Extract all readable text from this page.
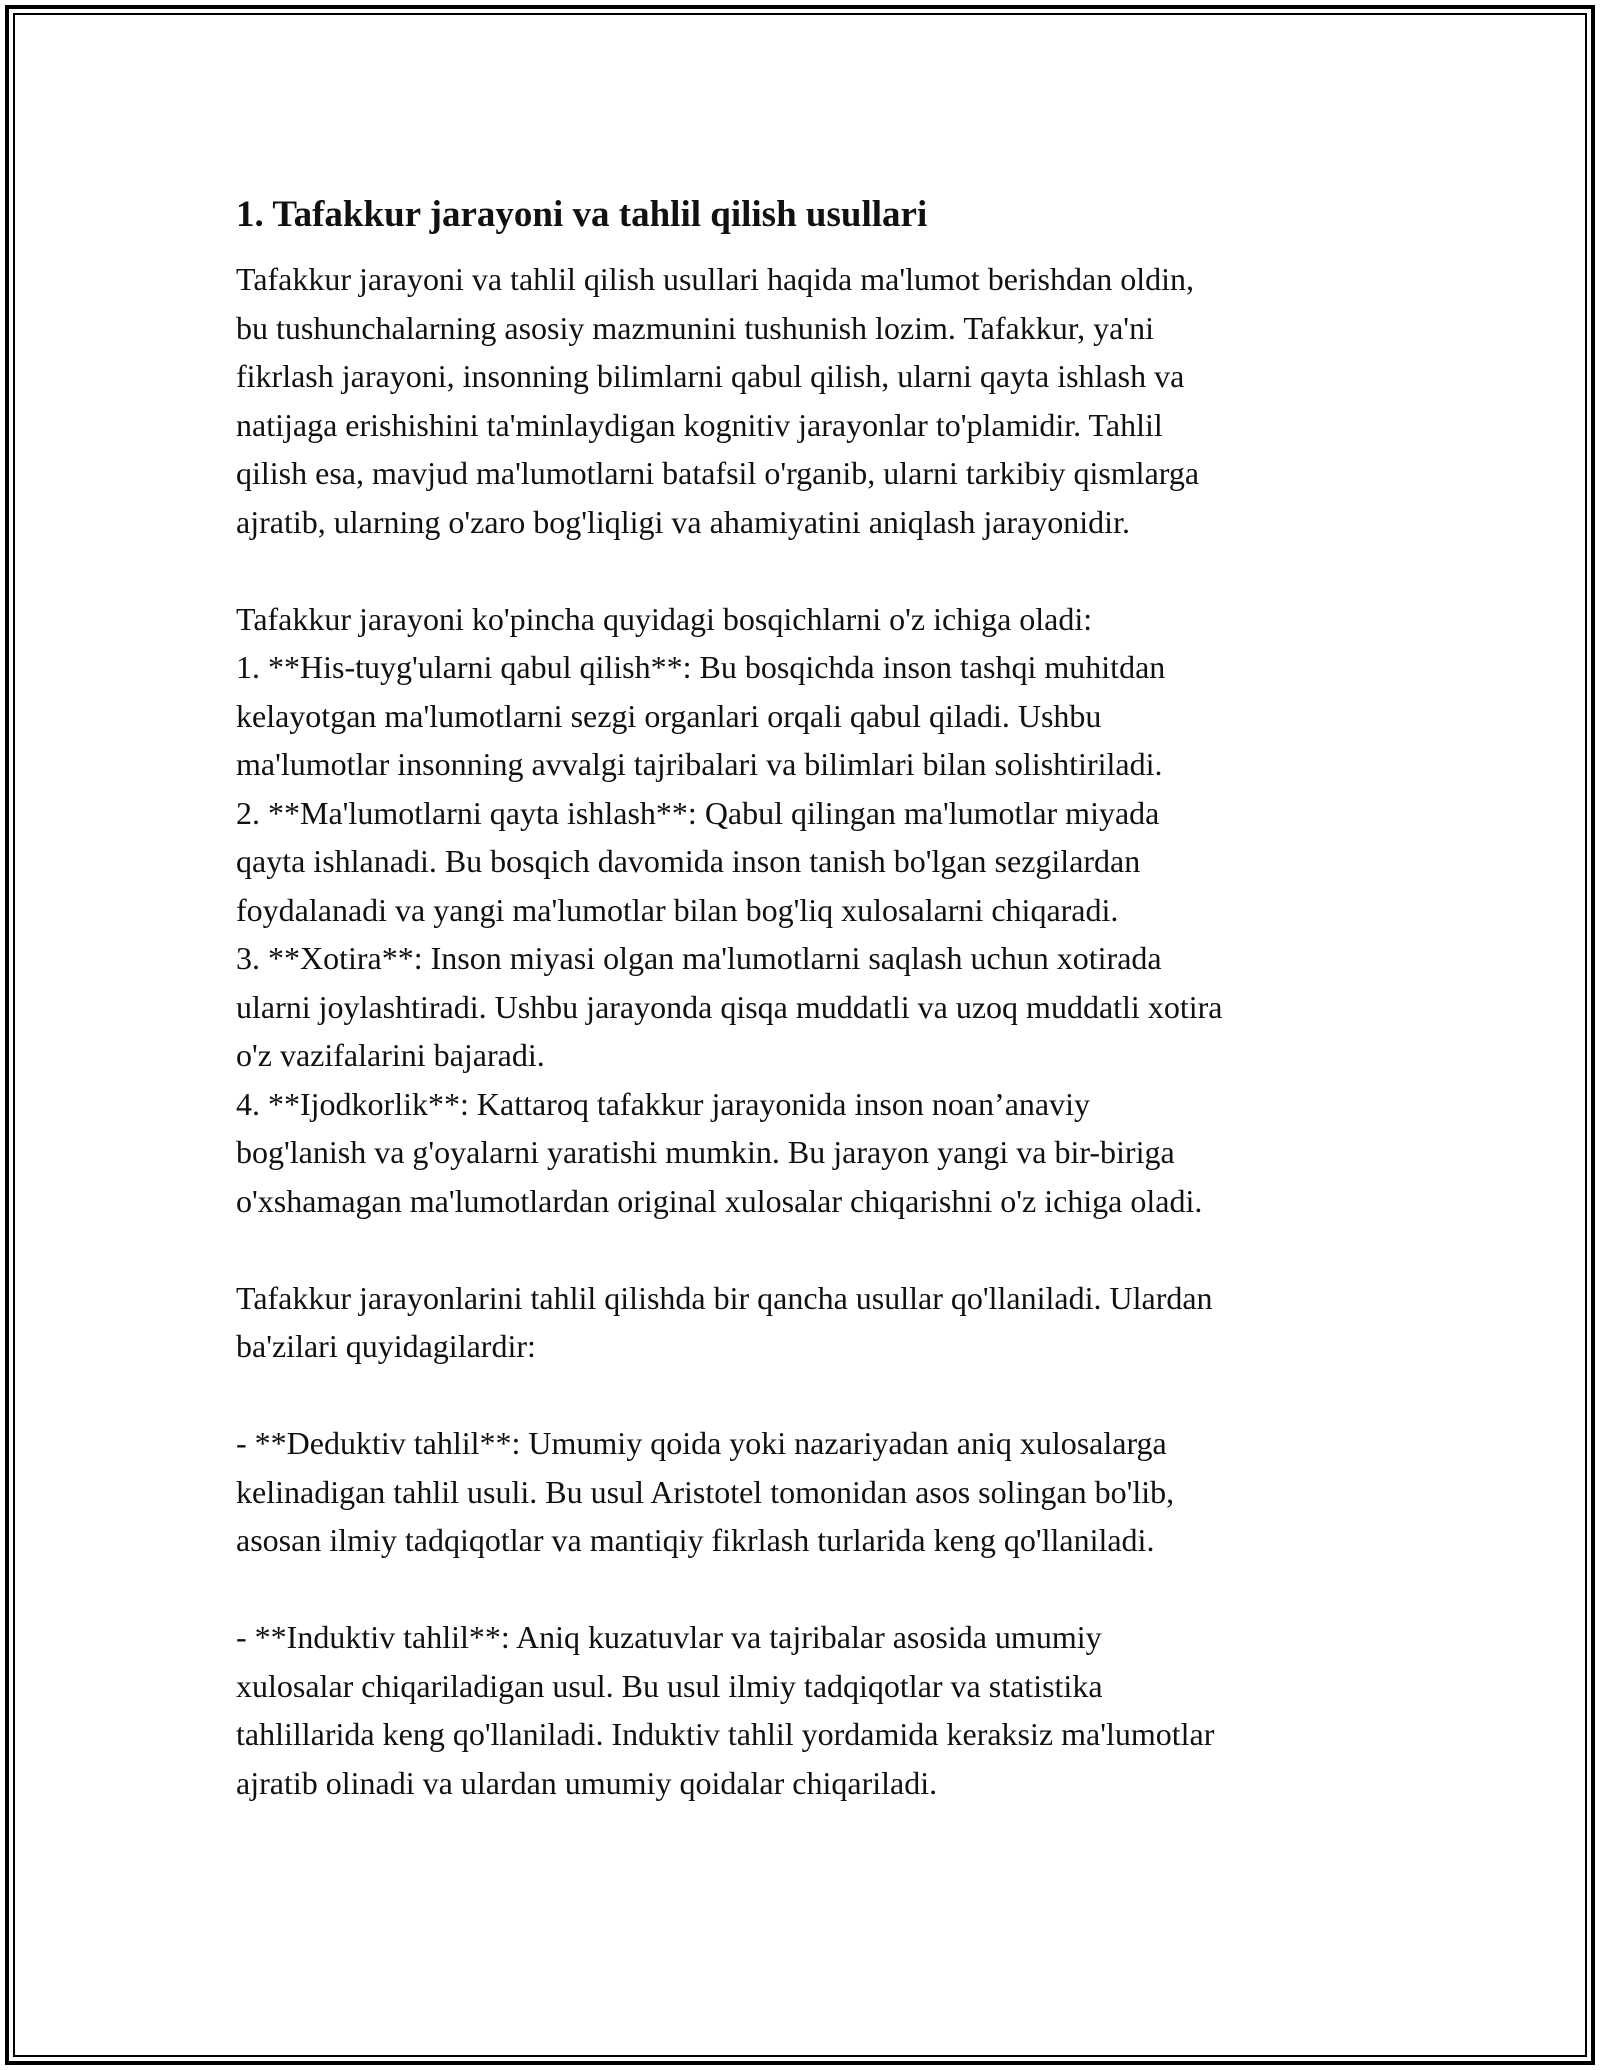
1. Tafakkur jarayoni va tahlil qilish usullari
Tafakkur jarayoni va tahlil qilish usullari haqida ma'lumot berishdan oldin,
bu tushunchalarning asosiy mazmunini tushunish lozim. Tafakkur, ya'ni
fikrlash jarayoni, insonning bilimlarni qabul qilish, ularni qayta ishlash va
natijaga erishishini ta'minlaydigan kognitiv jarayonlar to'plamidir. Tahlil
qilish esa, mavjud ma'lumotlarni batafsil o'rganib, ularni tarkibiy qismlarga
ajratib, ularning o'zaro bog'liqligi va ahamiyatini aniqlash jarayonidir.
Tafakkur jarayoni ko'pincha quyidagi bosqichlarni o'z ichiga oladi:
1. **His-tuyg'ularni qabul qilish**: Bu bosqichda inson tashqi muhitdan
kelayotgan ma'lumotlarni sezgi organlari orqali qabul qiladi. Ushbu
ma'lumotlar insonning avvalgi tajribalari va bilimlari bilan solishtiriladi.
2. **Ma'lumotlarni qayta ishlash**: Qabul qilingan ma'lumotlar miyada
qayta ishlanadi. Bu bosqich davomida inson tanish bo'lgan sezgilardan
foydalanadi va yangi ma'lumotlar bilan bog'liq xulosalarni chiqaradi.
3. **Xotira**: Inson miyasi olgan ma'lumotlarni saqlash uchun xotirada
ularni joylashtiradi. Ushbu jarayonda qisqa muddatli va uzoq muddatli xotira
o'z vazifalarini bajaradi.
4. **Ijodkorlik**: Kattaroq tafakkur jarayonida inson noan’anaviy
bog'lanish va g'oyalarni yaratishi mumkin. Bu jarayon yangi va bir-biriga
o'xshamagan ma'lumotlardan original xulosalar chiqarishni o'z ichiga oladi.
Tafakkur jarayonlarini tahlil qilishda bir qancha usullar qo'llaniladi. Ulardan
ba'zilari quyidagilardir:
- **Deduktiv tahlil**: Umumiy qoida yoki nazariyadan aniq xulosalarga
kelinadigan tahlil usuli. Bu usul Aristotel tomonidan asos solingan bo'lib,
asosan ilmiy tadqiqotlar va mantiqiy fikrlash turlarida keng qo'llaniladi.
- **Induktiv tahlil**: Aniq kuzatuvlar va tajribalar asosida umumiy
xulosalar chiqariladigan usul. Bu usul ilmiy tadqiqotlar va statistika
tahlillarida keng qo'llaniladi. Induktiv tahlil yordamida keraksiz ma'lumotlar
ajratib olinadi va ulardan umumiy qoidalar chiqariladi.
